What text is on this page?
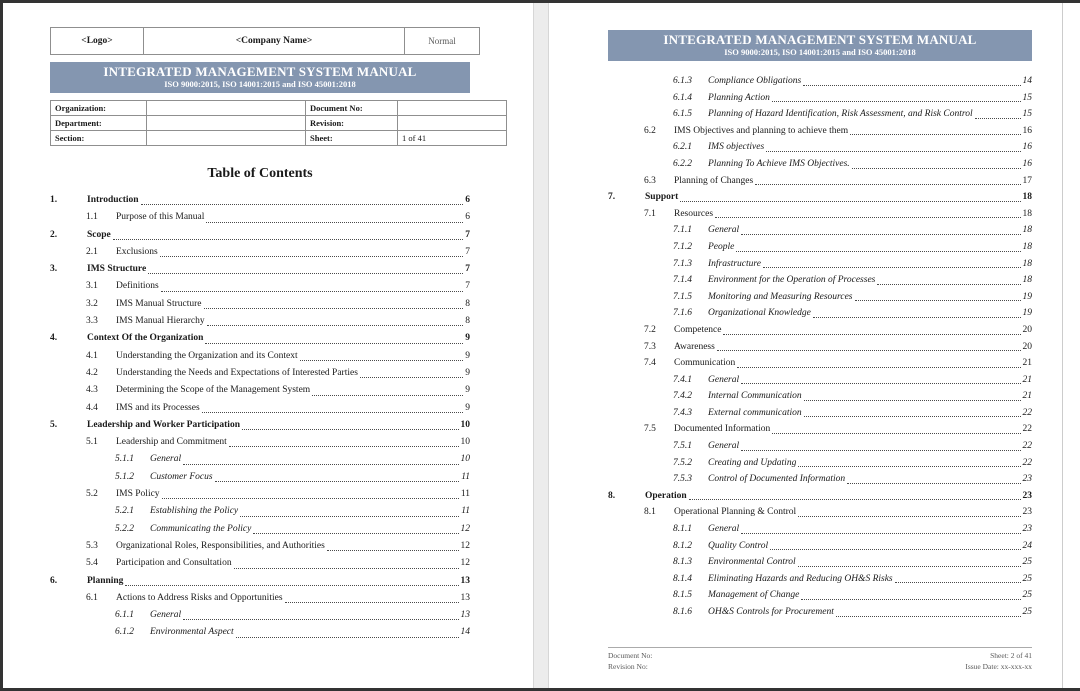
<Logo>	<Company Name>	Normal
INTEGRATED MANAGEMENT SYSTEM MANUAL
ISO 9000:2015, ISO 14001:2015 and ISO 45001:2018
Organization:		Document No:	
Department:		Revision:	
Section:		Sheet:	1 of 41
Table of Contents
1.	Introduction	6
1.1	Purpose of this Manual	6
2.	Scope	7
2.1	Exclusions	7
3.	IMS Structure	7
3.1	Definitions	7
3.2	IMS Manual Structure	8
3.3	IMS Manual Hierarchy	8
4.	Context Of the Organization	9
4.1	Understanding the Organization and its Context	9
4.2	Understanding the Needs and Expectations of Interested Parties	9
4.3	Determining the Scope of the Management System	9
4.4	IMS and its Processes	9
5.	Leadership and Worker Participation	10
5.1	Leadership and Commitment	10
5.1.1	General	10
5.1.2	Customer Focus	11
5.2	IMS Policy	11
5.2.1	Establishing the Policy	11
5.2.2	Communicating the Policy	12
5.3	Organizational Roles, Responsibilities, and Authorities	12
5.4	Participation and Consultation	12
6.	Planning	13
6.1	Actions to Address Risks and Opportunities	13
6.1.1	General	13
6.1.2	Environmental Aspect	14
INTEGRATED MANAGEMENT SYSTEM MANUAL
ISO 9000:2015, ISO 14001:2015 and ISO 45001:2018
6.1.3	Compliance Obligations	14
6.1.4	Planning Action	15
6.1.5	Planning of Hazard Identification, Risk Assessment, and Risk Control	15
6.2	IMS Objectives and planning to achieve them	16
6.2.1	IMS objectives	16
6.2.2	Planning To Achieve IMS Objectives.	16
6.3	Planning of Changes	17
7.	Support	18
7.1	Resources	18
7.1.1	General	18
7.1.2	People	18
7.1.3	Infrastructure	18
7.1.4	Environment for the Operation of Processes	18
7.1.5	Monitoring and Measuring Resources	19
7.1.6	Organizational Knowledge	19
7.2	Competence	20
7.3	Awareness	20
7.4	Communication	21
7.4.1	General	21
7.4.2	Internal Communication	21
7.4.3	External communication	22
7.5	Documented Information	22
7.5.1	General	22
7.5.2	Creating and Updating	22
7.5.3	Control of Documented Information	23
8.	Operation	23
8.1	Operational Planning & Control	23
8.1.1	General	23
8.1.2	Quality Control	24
8.1.3	Environmental Control	25
8.1.4	Eliminating Hazards and Reducing OH&S Risks	25
8.1.5	Management of Change	25
8.1.6	OH&S Controls for Procurement	25
Document No:	Sheet: 2 of 41
Revision No:	Issue Date: xx-xxx-xx
